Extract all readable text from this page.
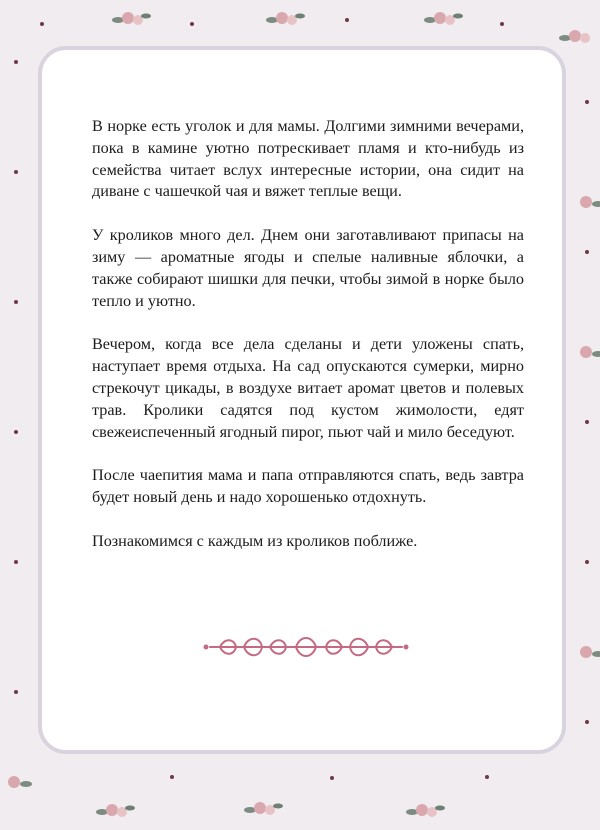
В норке есть уголок и для мамы. Долгими зимними вечерами, пока в камине уютно потрескивает пламя и кто-нибудь из семейства читает вслух интересные истории, она сидит на диване с чашечкой чая и вяжет теплые вещи.

У кроликов много дел. Днем они заготавливают припасы на зиму — ароматные ягоды и спелые наливные яблочки, а также собирают шишки для печки, чтобы зимой в норке было тепло и уютно.

Вечером, когда все дела сделаны и дети уложены спать, наступает время отдыха. На сад опускаются сумерки, мирно стрекочут цикады, в воздухе витает аромат цветов и полевых трав. Кролики садятся под кустом жимолости, едят свежеиспеченный ягодный пирог, пьют чай и мило беседуют.

После чаепития мама и папа отправляются спать, ведь завтра будет новый день и надо хорошенько отдохнуть.

Познакомимся с каждым из кроликов поближе.
